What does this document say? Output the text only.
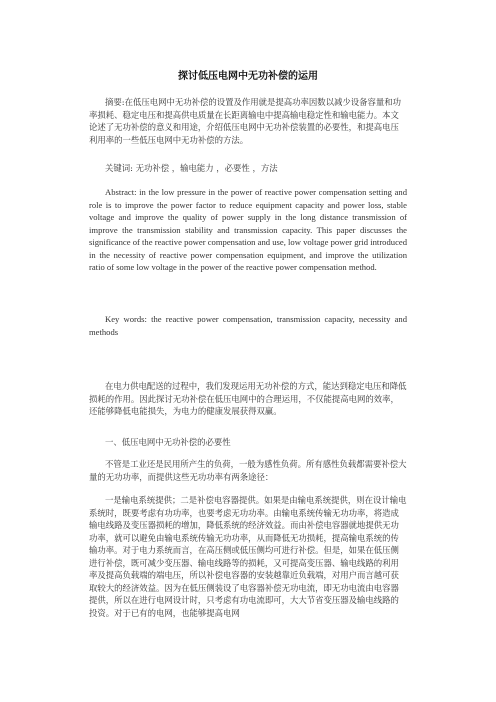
探讨低压电网中无功补偿的运用

摘要:在低压电网中无功补偿的设置及作用就是提高功率因数以减少设备容量和功率损耗、稳定电压和提高供电质量在长距离输电中提高输电稳定性和输电能力。本文论述了无功补偿的意义和用途，介绍低压电网中无功补偿装置的必要性，和提高电压利用率的一些低压电网中无功补偿的方法。

关键词: 无功补偿 ，输电能力 ，必要性 ，方法

Abstract: in the low pressure in the power of reactive power compensation setting and role is to improve the power factor to reduce equipment capacity and power loss, stable voltage and improve the quality of power supply in the long distance transmission of improve the transmission stability and transmission capacity. This paper discusses the significance of the reactive power compensation and use, low voltage power grid introduced in the necessity of reactive power compensation equipment, and improve the utilization ratio of some low voltage in the power of the reactive power compensation method.

Key words: the reactive power compensation, transmission capacity, necessity and methods

在电力供电配送的过程中，我们发现运用无功补偿的方式，能达到稳定电压和降低损耗的作用。因此探讨无功补偿在低压电网中的合理运用，不仅能提高电网的效率，还能够降低电能损失，为电力的健康发展获得双赢。

一、低压电网中无功补偿的必要性

不管是工业还是民用所产生的负荷，一般为感性负荷。所有感性负载都需要补偿大量的无功功率，而提供这些无功功率有两条途径：

一是输电系统提供；二是补偿电容器提供。如果是由输电系统提供，则在设计输电系统时，既要考虑有功功率，也要考虑无功功率。由输电系统传输无功功率，将造成输电线路及变压器损耗的增加，降低系统的经济效益。而由补偿电容器就地提供无功功率，就可以避免由输电系统传输无功功率，从而降低无功损耗，提高输电系统的传输功率。对于电力系统而言，在高压侧或低压侧均可进行补偿。但是，如果在低压侧进行补偿，既可减少变压器、输电线路等的损耗，又可提高变压器、输电线路的利用率及提高负载端的端电压，所以补偿电容器的安装越靠近负载端，对用户而言越可获取较大的经济效益。因为在低压侧装设了电容器补偿无功电流，即无功电流由电容器提供，所以在进行电网设计时，只考虑有功电流即可，大大节省变压器及输电线路的投资。对于已有的电网，也能够提高电网
